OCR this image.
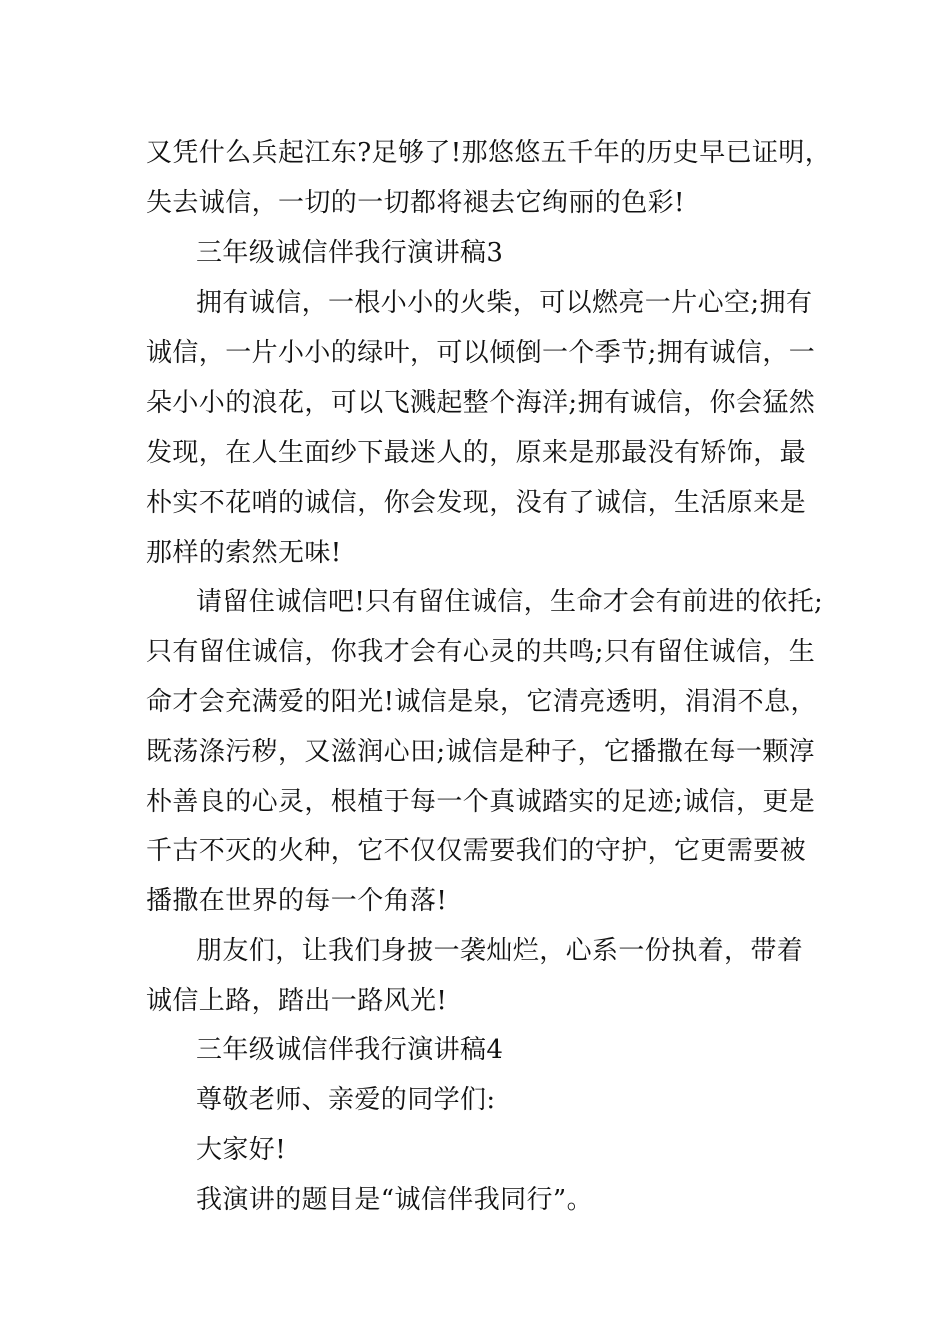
又凭什么兵起江东?足够了!那悠悠五千年的历史早已证明，
失去诚信，一切的一切都将褪去它绚丽的色彩!
三年级诚信伴我行演讲稿3
拥有诚信，一根小小的火柴，可以燃亮一片心空;拥有
诚信，一片小小的绿叶，可以倾倒一个季节;拥有诚信，一
朵小小的浪花，可以飞溅起整个海洋;拥有诚信，你会猛然
发现，在人生面纱下最迷人的，原来是那最没有矫饰，最
朴实不花哨的诚信，你会发现，没有了诚信，生活原来是
那样的索然无味!
请留住诚信吧!只有留住诚信，生命才会有前进的依托;
只有留住诚信，你我才会有心灵的共鸣;只有留住诚信，生
命才会充满爱的阳光!诚信是泉，它清亮透明，涓涓不息，
既荡涤污秽，又滋润心田;诚信是种子，它播撒在每一颗淳
朴善良的心灵，根植于每一个真诚踏实的足迹;诚信，更是
千古不灭的火种，它不仅仅需要我们的守护，它更需要被
播撒在世界的每一个角落!
朋友们，让我们身披一袭灿烂，心系一份执着，带着
诚信上路，踏出一路风光!
三年级诚信伴我行演讲稿4
尊敬老师、亲爱的同学们:
大家好!
我演讲的题目是“诚信伴我同行”。
